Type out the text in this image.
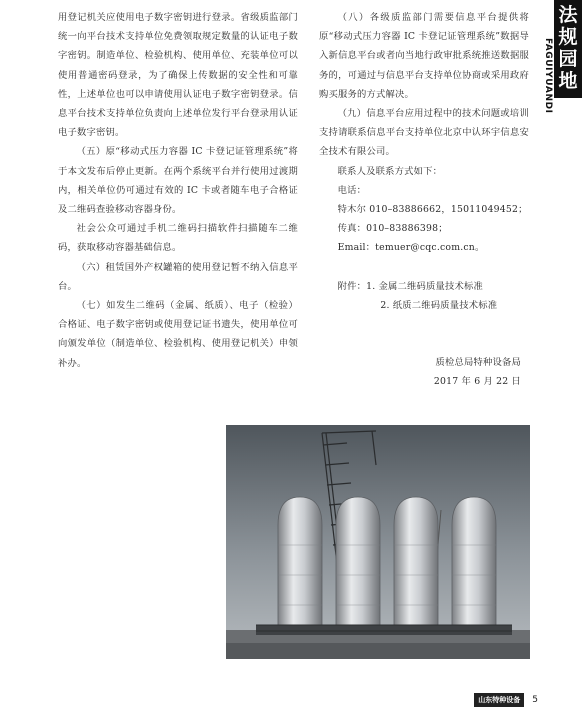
法
规
园
地
FAGUIYUANDI

用登记机关应使用电子数字密钥进行登录。省级质监部门统一向平台技术支持单位免费领取规定数量的认证电子数字密钥。制造单位、检验机构、使用单位、充装单位可以使用普通密码登录，为了确保上传数据的安全性和可靠性，上述单位也可以申请使用认证电子数字密钥登录。信息平台技术支持单位负责向上述单位发行平台登录用认证电子数字密钥。

（五）原“移动式压力容器 IC 卡登记证管理系统”将于本文发布后停止更新。在两个系统平台并行使用过渡期内，相关单位仍可通过有效的 IC 卡或者随车电子合格证及二维码查验移动容器身份。

社会公众可通过手机二维码扫描软件扫描随车二维码，获取移动容器基础信息。

（六）租赁国外产权罐箱的使用登记暂不纳入信息平台。

（七）如发生二维码（金属、纸质）、电子（检验）合格证、电子数字密钥或使用登记证书遗失，使用单位可向颁发单位（制造单位、检验机构、使用登记机关）申领补办。

（八）各级质监部门需要信息平台提供将原“移动式压力容器 IC 卡登记证管理系统”数据导入新信息平台或者向当地行政审批系统推送数据服务的，可通过与信息平台支持单位协商或采用政府购买服务的方式解决。

（九）信息平台应用过程中的技术问题或培训支持请联系信息平台支持单位北京中认环宇信息安全技术有限公司。

联系人及联系方式如下：
电话：
特木尔 010–83886662，15011049452；
传真：010–83886398；
Email：temuer@cqc.com.cn。
附件：1. 金属二维码质量技术标准
2. 纸质二维码质量技术标准
质检总局特种设备局
2017 年 6 月 22 日
山东特种设备	5
